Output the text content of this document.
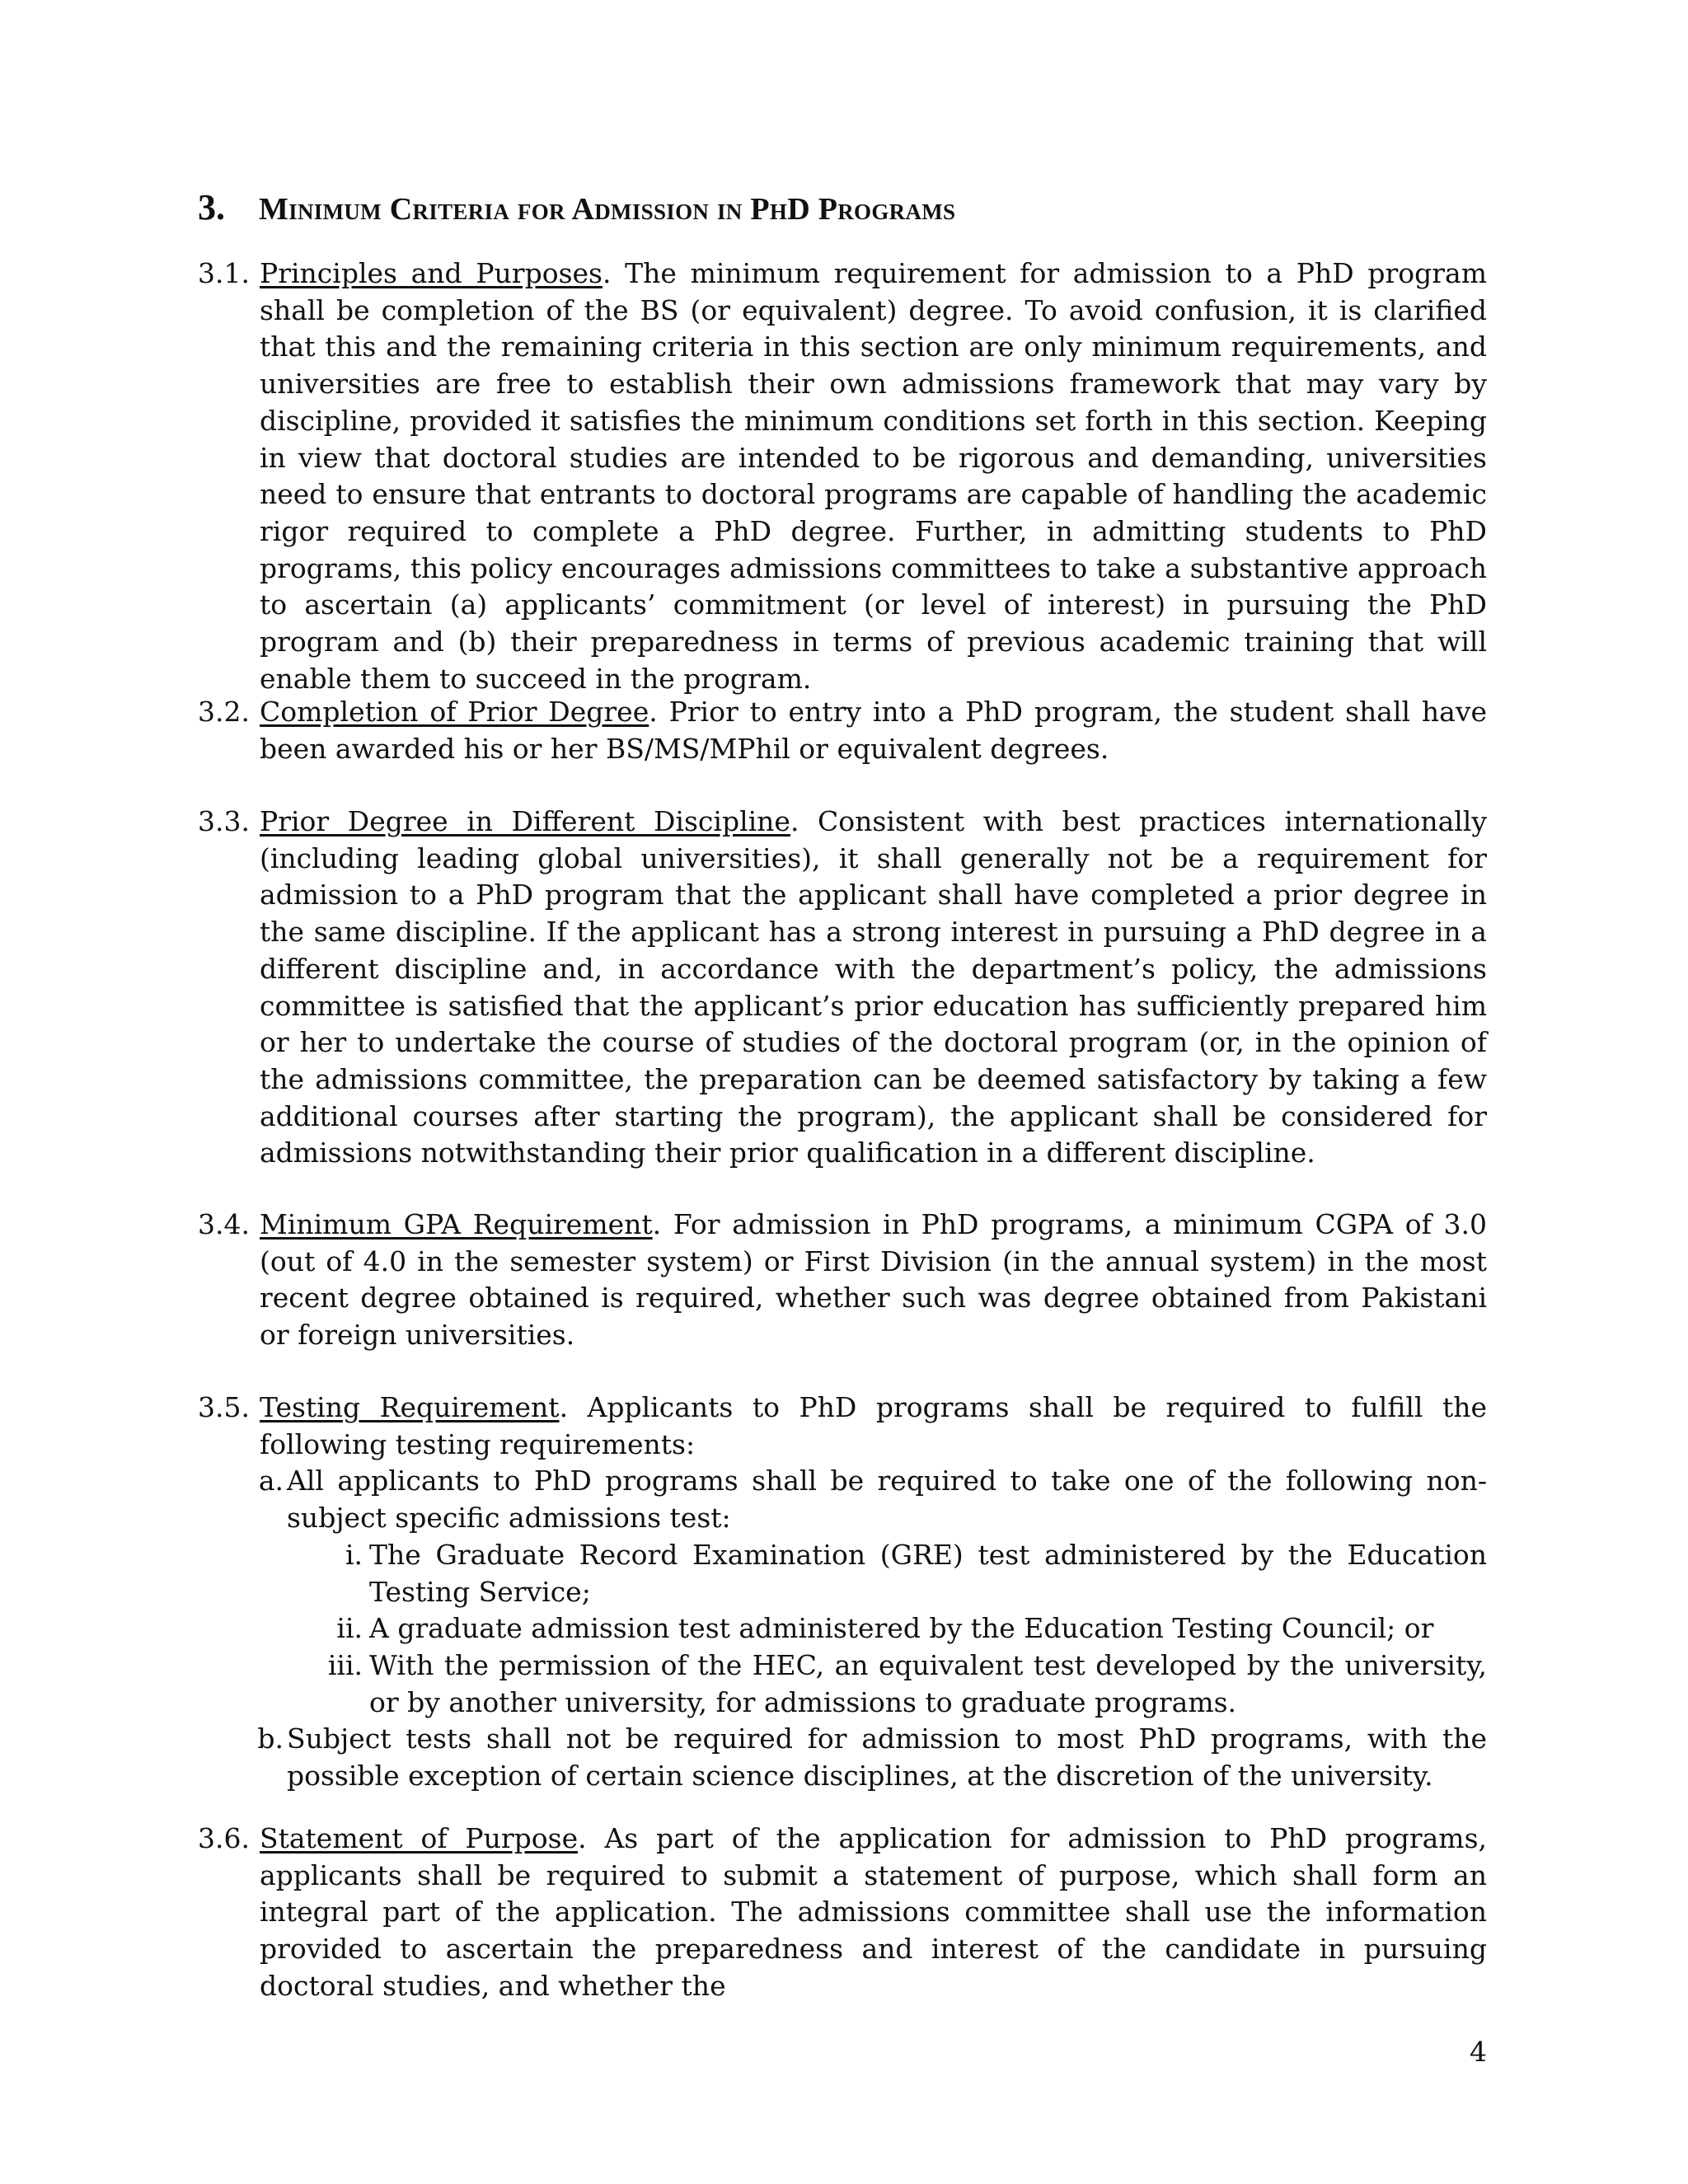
3. Minimum Criteria for Admission in PhD Programs
3.1. Principles and Purposes. The minimum requirement for admission to a PhD program shall be completion of the BS (or equivalent) degree. To avoid confusion, it is clarified that this and the remaining criteria in this section are only minimum requirements, and universities are free to establish their own admissions framework that may vary by discipline, provided it satisfies the minimum conditions set forth in this section. Keeping in view that doctoral studies are intended to be rigorous and demanding, universities need to ensure that entrants to doctoral programs are capable of handling the academic rigor required to complete a PhD degree. Further, in admitting students to PhD programs, this policy encourages admissions committees to take a substantive approach to ascertain (a) applicants’ commitment (or level of interest) in pursuing the PhD program and (b) their preparedness in terms of previous academic training that will enable them to succeed in the program.
3.2. Completion of Prior Degree. Prior to entry into a PhD program, the student shall have been awarded his or her BS/MS/MPhil or equivalent degrees.
3.3. Prior Degree in Different Discipline. Consistent with best practices internationally (including leading global universities), it shall generally not be a requirement for admission to a PhD program that the applicant shall have completed a prior degree in the same discipline. If the applicant has a strong interest in pursuing a PhD degree in a different discipline and, in accordance with the department’s policy, the admissions committee is satisfied that the applicant’s prior education has sufficiently prepared him or her to undertake the course of studies of the doctoral program (or, in the opinion of the admissions committee, the preparation can be deemed satisfactory by taking a few additional courses after starting the program), the applicant shall be considered for admissions notwithstanding their prior qualification in a different discipline.
3.4. Minimum GPA Requirement. For admission in PhD programs, a minimum CGPA of 3.0 (out of 4.0 in the semester system) or First Division (in the annual system) in the most recent degree obtained is required, whether such was degree obtained from Pakistani or foreign universities.
3.5. Testing Requirement. Applicants to PhD programs shall be required to fulfill the following testing requirements:
a. All applicants to PhD programs shall be required to take one of the following non-subject specific admissions test:
i. The Graduate Record Examination (GRE) test administered by the Education Testing Service;
ii. A graduate admission test administered by the Education Testing Council; or
iii. With the permission of the HEC, an equivalent test developed by the university, or by another university, for admissions to graduate programs.
b. Subject tests shall not be required for admission to most PhD programs, with the possible exception of certain science disciplines, at the discretion of the university.
3.6. Statement of Purpose. As part of the application for admission to PhD programs, applicants shall be required to submit a statement of purpose, which shall form an integral part of the application. The admissions committee shall use the information provided to ascertain the preparedness and interest of the candidate in pursuing doctoral studies, and whether the
4
